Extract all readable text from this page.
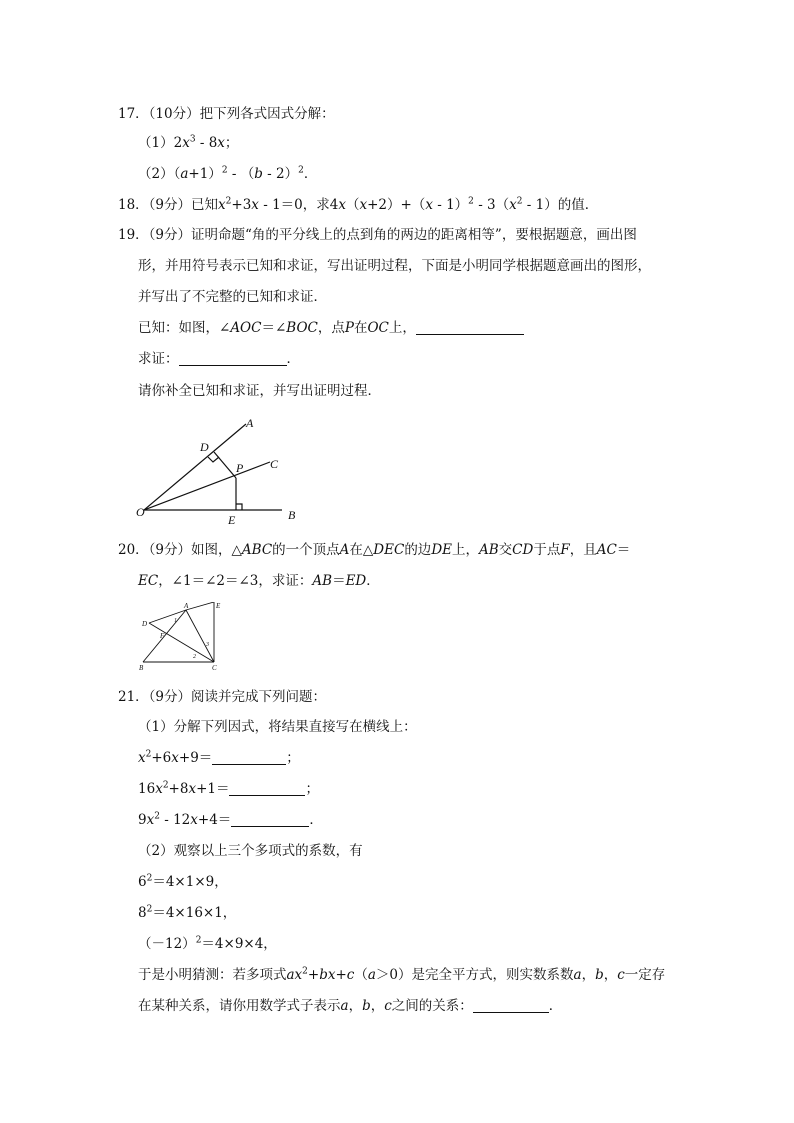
17．（10分）把下列各式因式分解：
$(1)2x^3 - 8x$；
$(2)(a+1)^2 - (b - 2)^2$．
18．（9分）已知$x^2+3x - 1=0$，求$4x(x+2)+(x - 1)^2 - 3(x^2 - 1)$的值．
19．（9分）证明命题“角的平分线上的点到角的两边的距离相等”，要根据题意，画出图
形，并用符号表示已知和求证，写出证明过程，下面是小明同学根据题意画出的图形，
并写出了不完整的已知和求证．
已知：如图，∠AOC＝∠BOC，点P在OC上，
求证：	．
请你补全已知和求证，并写出证明过程．
A
D
P C
O
E	B
20．（9分）如图，△ABC的一个顶点A在△DEC的边DE上，AB交CD于点F，且AC＝
EC，∠1＝∠2＝∠3，求证：AB＝ED．
A	E
D
F
B	C
1
2
3
21．（9分）阅读并完成下列问题：
（1）分解下列因式，将结果直接写在横线上：
$x^2+6x+9=$	；
$16x^2+8x+1=$	；
$9x^2 - 12x+4=$	．
（2）观察以上三个多项式的系数，有
$6^2=4\times 1\times 9$，
$8^2=4\times 16\times 1$，
$(-12)^2=4\times 9\times 4$，
于是小明猜测：若多项式$ax^2+bx+c(a>0)$是完全平方式，则实数系数a，b，c一定存
在某种关系，请你用数学式子表示a，b，c之间的关系：	．
